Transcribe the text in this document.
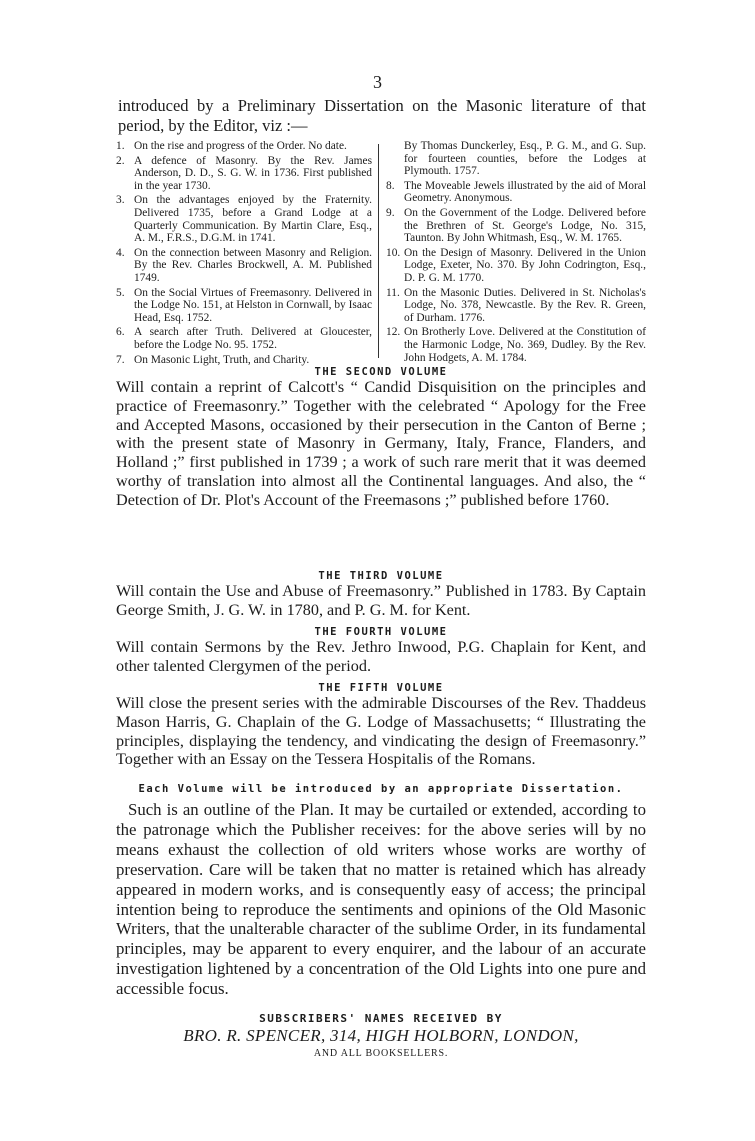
3
introduced by a Preliminary Dissertation on the Masonic literature of that period, by the Editor, viz :—
1. On the rise and progress of the Order. No date.
2. A defence of Masonry. By the Rev. James Anderson, D. D., S. G. W. in 1736. First published in the year 1730.
3. On the advantages enjoyed by the Fraternity. Delivered 1735, before a Grand Lodge at a Quarterly Communication. By Martin Clare, Esq., A. M., F.R.S., D.G.M. in 1741.
4. On the connection between Masonry and Religion. By the Rev. Charles Brockwell, A. M. Published 1749.
5. On the Social Virtues of Freemasonry. Delivered in the Lodge No. 151, at Helston in Cornwall, by Isaac Head, Esq. 1752.
6. A search after Truth. Delivered at Gloucester, before the Lodge No. 95. 1752.
7. On Masonic Light, Truth, and Charity.
By Thomas Dunckerley, Esq., P. G. M., and G. Sup. for fourteen counties, before the Lodges at Plymouth. 1757.
8. The Moveable Jewels illustrated by the aid of Moral Geometry. Anonymous.
9. On the Government of the Lodge. Delivered before the Brethren of St. George's Lodge, No. 315, Taunton. By John Whitmash, Esq., W. M. 1765.
10. On the Design of Masonry. Delivered in the Union Lodge, Exeter, No. 370. By John Codrington, Esq., D. P. G. M. 1770.
11. On the Masonic Duties. Delivered in St. Nicholas's Lodge, No. 378, Newcastle. By the Rev. R. Green, of Durham. 1776.
12. On Brotherly Love. Delivered at the Constitution of the Harmonic Lodge, No. 369, Dudley. By the Rev. John Hodgets, A. M. 1784.
THE SECOND VOLUME

Will contain a reprint of Calcott's “ Candid Disquisition on the principles and practice of Freemasonry.” Together with the celebrated “ Apology for the Free and Accepted Masons, occasioned by their persecution in the Canton of Berne ; with the present state of Masonry in Germany, Italy, France, Flanders, and Holland ;” first published in 1739 ; a work of such rare merit that it was deemed worthy of translation into almost all the Continental languages. And also, the “ Detection of Dr. Plot's Account of the Freemasons ;” published before 1760.

THE THIRD VOLUME

Will contain the Use and Abuse of Freemasonry.” Published in 1783. By Captain George Smith, J. G. W. in 1780, and P. G. M. for Kent.

THE FOURTH VOLUME

Will contain Sermons by the Rev. Jethro Inwood, P.G. Chaplain for Kent, and other talented Clergymen of the period.

THE FIFTH VOLUME

Will close the present series with the admirable Discourses of the Rev. Thaddeus Mason Harris, G. Chaplain of the G. Lodge of Massachusetts; “ Illustrating the principles, displaying the tendency, and vindicating the design of Freemasonry.” Together with an Essay on the Tessera Hospitalis of the Romans.

Each Volume will be introduced by an appropriate Dissertation.

Such is an outline of the Plan. It may be curtailed or extended, according to the patronage which the Publisher receives: for the above series will by no means exhaust the collection of old writers whose works are worthy of preservation. Care will be taken that no matter is retained which has already appeared in modern works, and is consequently easy of access; the principal intention being to reproduce the sentiments and opinions of the Old Masonic Writers, that the unalterable character of the sublime Order, in its fundamental principles, may be apparent to every enquirer, and the labour of an accurate investigation lightened by a concentration of the Old Lights into one pure and accessible focus.

SUBSCRIBERS' NAMES RECEIVED BY
BRO. R. SPENCER, 314, HIGH HOLBORN, LONDON,
AND ALL BOOKSELLERS.
